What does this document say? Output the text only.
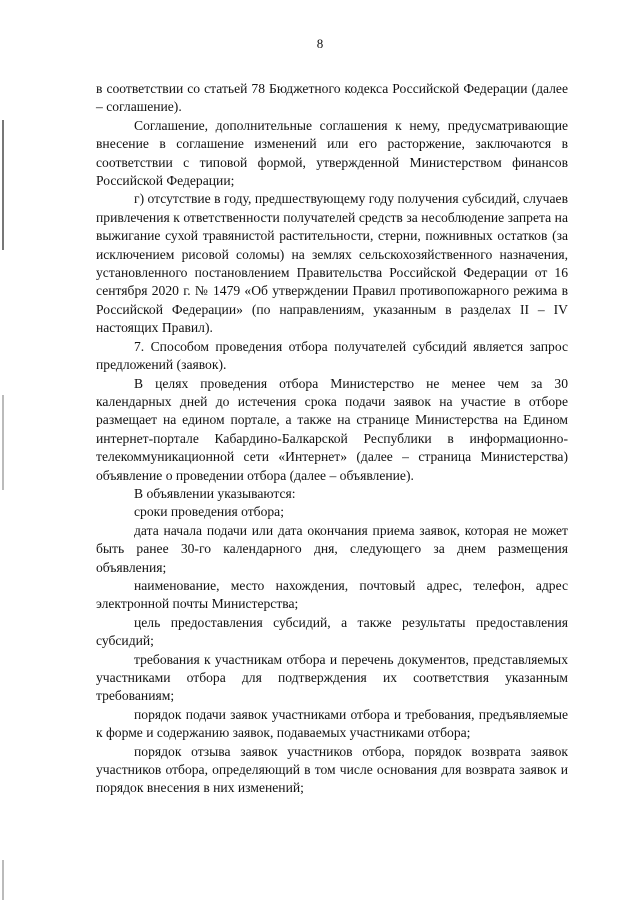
8

в соответствии со статьей 78 Бюджетного кодекса Российской Федерации (далее – соглашение).

Соглашение, дополнительные соглашения к нему, предусматривающие внесение в соглашение изменений или его расторжение, заключаются в соответствии с типовой формой, утвержденной Министерством финансов Российской Федерации;

г) отсутствие в году, предшествующему году получения субсидий, случаев привлечения к ответственности получателей средств за несоблюдение запрета на выжигание сухой травянистой растительности, стерни, пожнивных остатков (за исключением рисовой соломы) на землях сельскохозяйственного назначения, установленного постановлением Правительства Российской Федерации от 16 сентября 2020 г. № 1479 «Об утверждении Правил противопожарного режима в Российской Федерации» (по направлениям, указанным в разделах II – IV настоящих Правил).

7. Способом проведения отбора получателей субсидий является запрос предложений (заявок).

В целях проведения отбора Министерство не менее чем за 30 календарных дней до истечения срока подачи заявок на участие в отборе размещает на едином портале, а также на странице Министерства на Едином интернет-портале Кабардино-Балкарской Республики в информационно-телекоммуникационной сети «Интернет» (далее – страница Министерства) объявление о проведении отбора (далее – объявление).

В объявлении указываются:

сроки проведения отбора;

дата начала подачи или дата окончания приема заявок, которая не может быть ранее 30-го календарного дня, следующего за днем размещения объявления;

наименование, место нахождения, почтовый адрес, телефон, адрес электронной почты Министерства;

цель предоставления субсидий, а также результаты предоставления субсидий;

требования к участникам отбора и перечень документов, представляемых участниками отбора для подтверждения их соответствия указанным требованиям;

порядок подачи заявок участниками отбора и требования, предъявляемые к форме и содержанию заявок, подаваемых участниками отбора;

порядок отзыва заявок участников отбора, порядок возврата заявок участников отбора, определяющий в том числе основания для возврата заявок и порядок внесения в них изменений;
